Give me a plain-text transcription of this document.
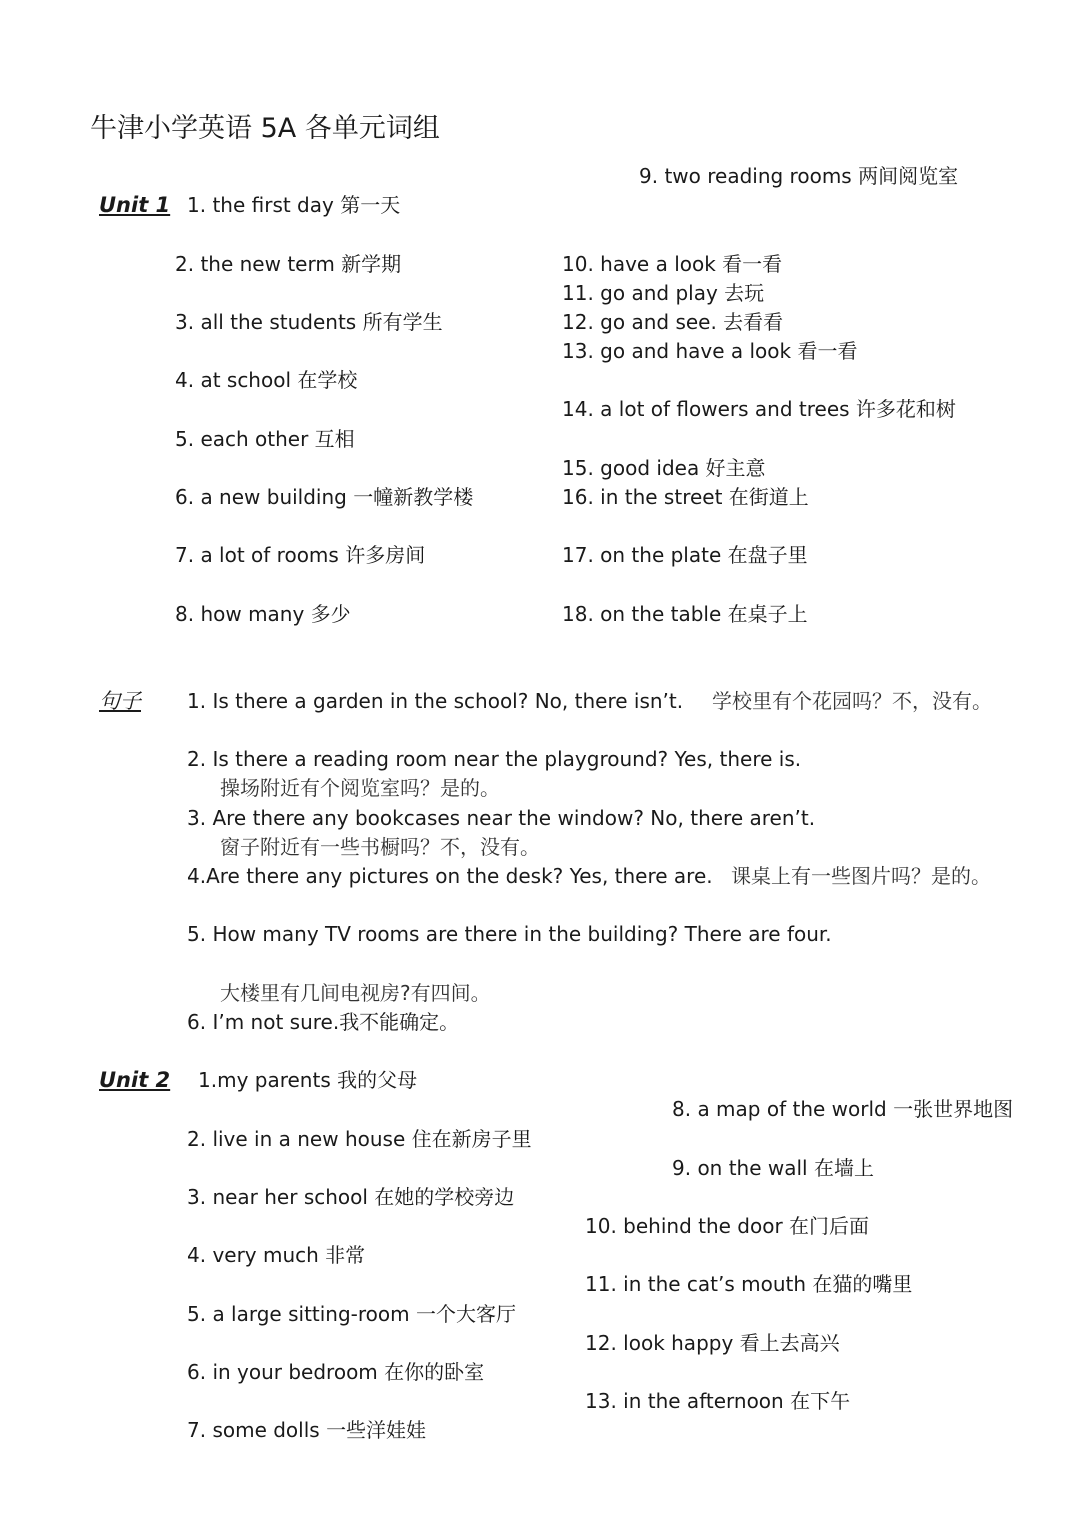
牛津小学英语 5A 各单元词组
Unit 1 1. the first day 第一天
2. the new term 新学期
3. all the students 所有学生
4. at school 在学校
5. each other 互相
6. a new building 一幢新教学楼
7. a lot of rooms 许多房间
8. how many 多少
9. two reading rooms 两间阅览室
10. have a look 看一看
11. go and play 去玩
12. go and see. 去看看
13. go and have a look 看一看
14. a lot of flowers and trees 许多花和树
15. good idea 好主意
16. in the street 在街道上
17. on the plate 在盘子里
18. on the table 在桌子上
句子 1. Is there a garden in the school? No, there isn’t. 学校里有个花园吗？不，没有。
2. Is there a reading room near the playground? Yes, there is.
操场附近有个阅览室吗？是的。
3. Are there any bookcases near the window? No, there aren’t.
窗子附近有一些书橱吗？不，没有。
4.Are there any pictures on the desk? Yes, there are. 课桌上有一些图片吗？是的。
5. How many TV rooms are there in the building? There are four.
大楼里有几间电视房?有四间。
6. I’m not sure.我不能确定。
Unit 2 1.my parents 我的父母
2. live in a new house 住在新房子里
3. near her school 在她的学校旁边
4. very much 非常
5. a large sitting-room 一个大客厅
6. in your bedroom 在你的卧室
7. some dolls 一些洋娃娃
8. a map of the world 一张世界地图
9. on the wall 在墙上
10. behind the door 在门后面
11. in the cat’s mouth 在猫的嘴里
12. look happy 看上去高兴
13. in the afternoon 在下午
